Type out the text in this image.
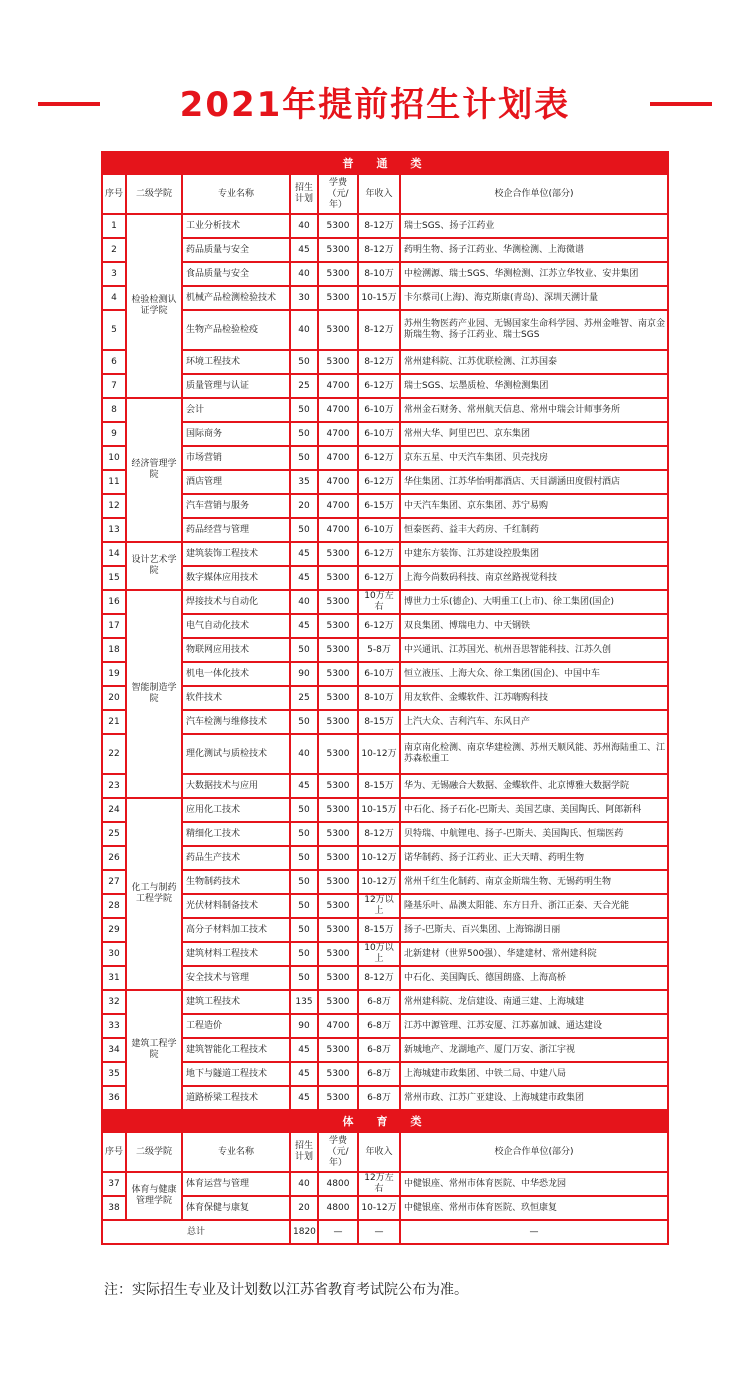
2021年提前招生计划表
普　通　类						
序号	二级学院	专业名称	招生计划	学费（元/年）	年收入	校企合作单位(部分)
1	检验检测认证学院	工业分析技术	40	5300	8-12万	瑞士SGS、扬子江药业
2		药品质量与安全	45	5300	8-12万	药明生物、扬子江药业、华测检测、上海微谱
3		食品质量与安全	40	5300	8-10万	中检溯源、瑞士SGS、华测检测、江苏立华牧业、安井集团
4		机械产品检测检验技术	30	5300	10-15万	卡尔蔡司(上海)、海克斯康(青岛)、深圳天溯计量
5		生物产品检验检疫	40	5300	8-12万	苏州生物医药产业园、无锡国家生命科学园、苏州金唯智、南京金斯瑞生物、扬子江药业、瑞士SGS
6		环境工程技术	50	5300	8-12万	常州建科院、江苏优联检测、江苏国泰
7		质量管理与认证	25	4700	6-12万	瑞士SGS、坛墨质检、华测检测集团
8	经济管理学院	会计	50	4700	6-10万	常州金石财务、常州航天信息、常州中瑞会计师事务所
9		国际商务	50	4700	6-10万	常州大华、阿里巴巴、京东集团
10		市场营销	50	4700	6-12万	京东五星、中天汽车集团、贝壳找房
11		酒店管理	35	4700	6-12万	华住集团、江苏华怡明都酒店、天目湖涵田度假村酒店
12		汽车营销与服务	20	4700	6-15万	中天汽车集团、京东集团、苏宁易购
13		药品经营与管理	50	4700	6-10万	恒泰医药、益丰大药房、千红制药
14	设计艺术学院	建筑装饰工程技术	45	5300	6-12万	中建东方装饰、江苏建设控股集团
15		数字媒体应用技术	45	5300	6-12万	上海今尚数码科技、南京丝路视觉科技
16	智能制造学院	焊接技术与自动化	40	5300	10万左右	博世力士乐(德企)、大明重工(上市)、徐工集团(国企)
17		电气自动化技术	45	5300	6-12万	双良集团、博瑞电力、中天钢铁
18		物联网应用技术	50	5300	5-8万	中兴通讯、江苏国光、杭州吾思智能科技、江苏久创
19		机电一体化技术	90	5300	6-10万	恒立液压、上海大众、徐工集团(国企)、中国中车
20		软件技术	25	5300	8-10万	用友软件、金蝶软件、江苏嗨购科技
21		汽车检测与维修技术	50	5300	8-15万	上汽大众、吉利汽车、东风日产
22		理化测试与质检技术	40	5300	10-12万	南京南化检测、南京华建检测、苏州天顺风能、苏州海陆重工、江苏森松重工
23		大数据技术与应用	45	5300	8-15万	华为、无锡融合大数据、金蝶软件、北京博雅大数据学院
24	化工与制药工程学院	应用化工技术	50	5300	10-15万	中石化、扬子石化-巴斯夫、美国艺康、美国陶氏、阿郎新科
25		精细化工技术	50	5300	8-12万	贝特瑞、中航锂电、扬子-巴斯夫、美国陶氏、恒瑞医药
26		药品生产技术	50	5300	10-12万	诺华制药、扬子江药业、正大天晴、药明生物
27		生物制药技术	50	5300	10-12万	常州千红生化制药、南京金斯瑞生物、无锡药明生物
28		光伏材料制备技术	50	5300	12万以上	隆基乐叶、晶澳太阳能、东方日升、浙江正泰、天合光能
29		高分子材料加工技术	50	5300	8-15万	扬子-巴斯夫、百兴集团、上海锦湖日丽
30		建筑材料工程技术	50	5300	10万以上	北新建材（世界500强）、华建建材、常州建科院
31		安全技术与管理	50	5300	8-12万	中石化、美国陶氏、德国朗盛、上海高桥
32	建筑工程学院	建筑工程技术	135	5300	6-8万	常州建科院、龙信建设、南通三建、上海城建
33		工程造价	90	4700	6-8万	江苏中源管理、江苏安厦、江苏嘉加诚、通达建设
34		建筑智能化工程技术	45	5300	6-8万	新城地产、龙湖地产、厦门万安、浙江宇视
35		地下与隧道工程技术	45	5300	6-8万	上海城建市政集团、中铁二局、中建八局
36		道路桥梁工程技术	45	5300	6-8万	常州市政、江苏广亚建设、上海城建市政集团
体　育　类						
序号	二级学院	专业名称	招生计划	学费（元/年）	年收入	校企合作单位(部分)
37	体育与健康管理学院	体育运营与管理	40	4800	12万左右	中健银座、常州市体育医院、中华恐龙园
38		体育保健与康复	20	4800	10-12万	中健银座、常州市体育医院、玖恒康复
总计			1820	—	—	—
注：实际招生专业及计划数以江苏省教育考试院公布为准。
